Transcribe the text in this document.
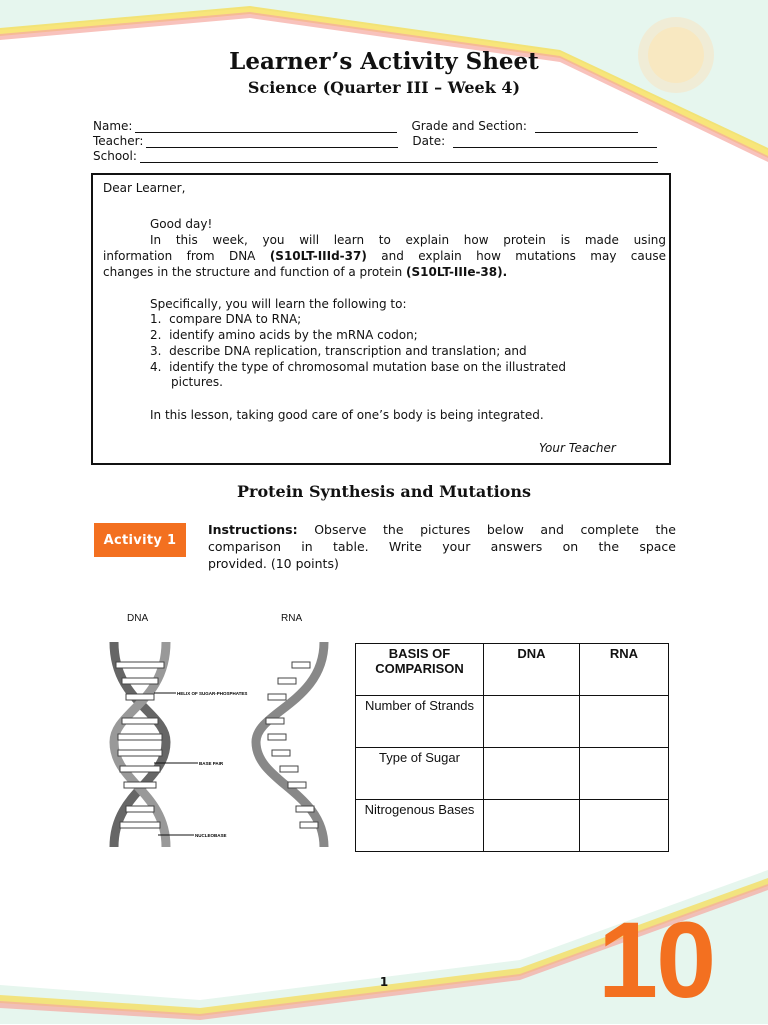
Learner’s Activity Sheet
Science (Quarter III – Week 4)
Name:	Grade and Section:
Teacher:	Date:
School:

Dear Learner,

Good day!

In this week, you will learn to explain how protein is made using

information from DNA (S10LT-IIId-37) and explain how mutations may cause

changes in the structure and function of a protein (S10LT-IIIe-38).

Specifically, you will learn the following to:

1. compare DNA to RNA;

2. identify amino acids by the mRNA codon;

3. describe DNA replication, transcription and translation; and

4. identify the type of chromosomal mutation base on the illustrated

pictures.

In this lesson, taking good care of one’s body is being integrated.

Your Teacher

Protein Synthesis and Mutations
Activity 1
Instructions: Observe the pictures below and complete the
comparison in table. Write your answers on the space
provided. (10 points)
DNA	RNA
HELIX OF SUGAR-PHOSPHATES
BASE PAIR
NUCLEOBASE
BASIS OF COMPARISON	DNA	RNA
Number of Strands		
Type of Sugar		
Nitrogenous Bases		
1	10
